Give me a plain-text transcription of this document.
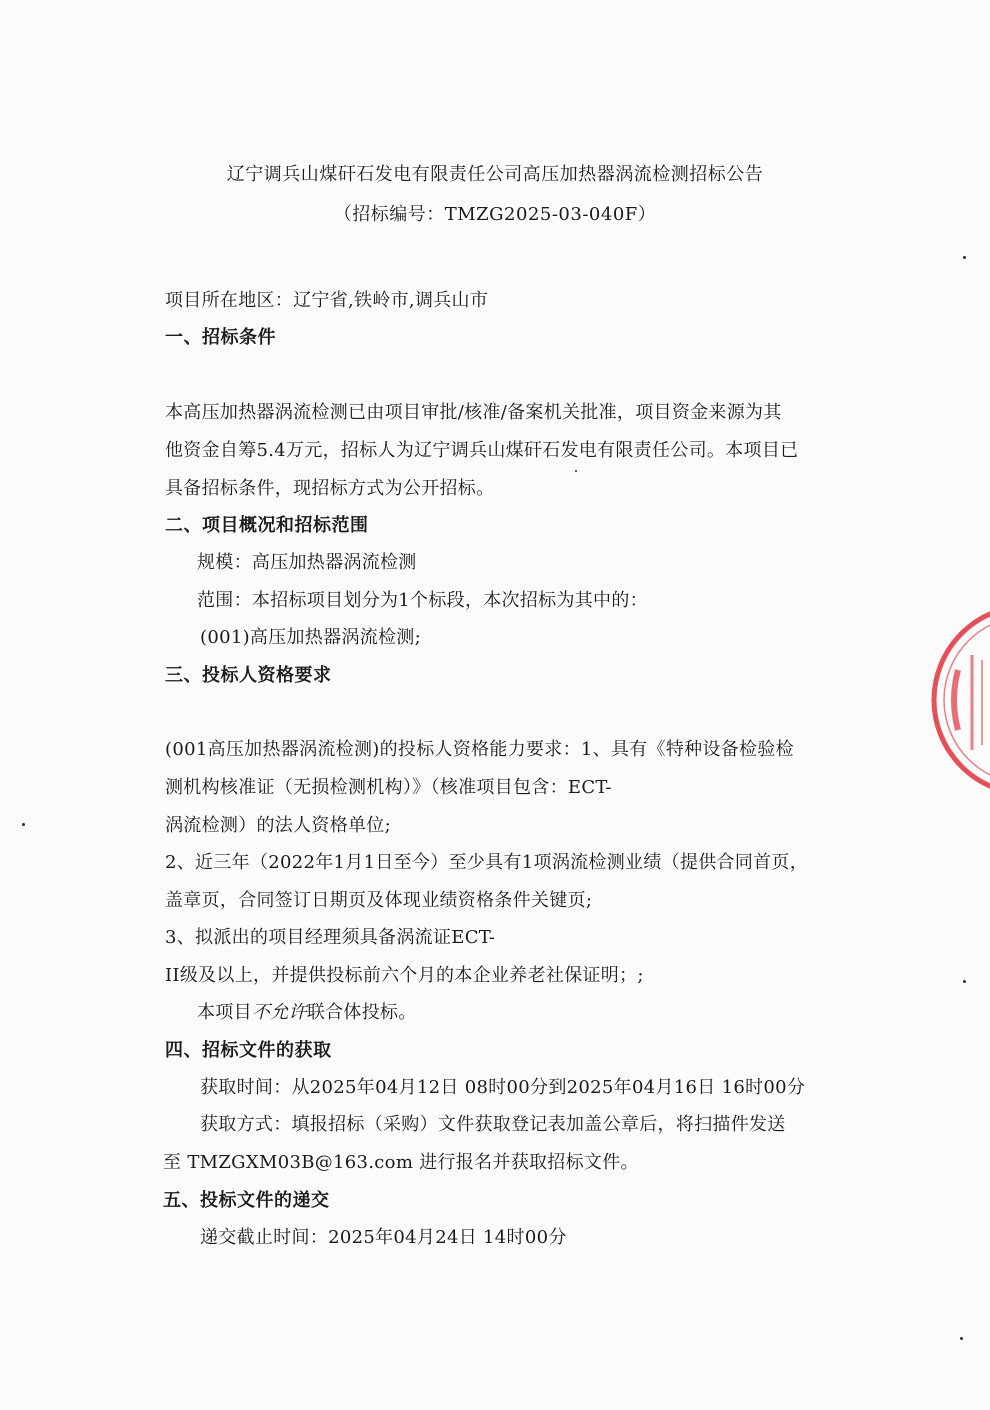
辽宁调兵山煤矸石发电有限责任公司高压加热器涡流检测招标公告
（招标编号：TMZG2025-03-040F）
项目所在地区：辽宁省,铁岭市,调兵山市
一、招标条件
本高压加热器涡流检测已由项目审批/核准/备案机关批准，项目资金来源为其
他资金自筹5.4万元，招标人为辽宁调兵山煤矸石发电有限责任公司。本项目已
具备招标条件，现招标方式为公开招标。
二、项目概况和招标范围
规模：高压加热器涡流检测
范围：本招标项目划分为1个标段，本次招标为其中的：
(001)高压加热器涡流检测;
三、投标人资格要求
(001高压加热器涡流检测)的投标人资格能力要求：1、具有《特种设备检验检
测机构核准证（无损检测机构）》（核准项目包含：ECT-
涡流检测）的法人资格单位;
2、近三年（2022年1月1日至今）至少具有1项涡流检测业绩（提供合同首页，
盖章页，合同签订日期页及体现业绩资格条件关键页;
3、拟派出的项目经理须具备涡流证ECT-
II级及以上，并提供投标前六个月的本企业养老社保证明；;
本项目不允许联合体投标。
四、招标文件的获取
获取时间：从2025年04月12日 08时00分到2025年04月16日 16时00分
获取方式：填报招标（采购）文件获取登记表加盖公章后，将扫描件发送
至 TMZGXM03B@163.com 进行报名并获取招标文件。
五、投标文件的递交
递交截止时间：2025年04月24日 14时00分
